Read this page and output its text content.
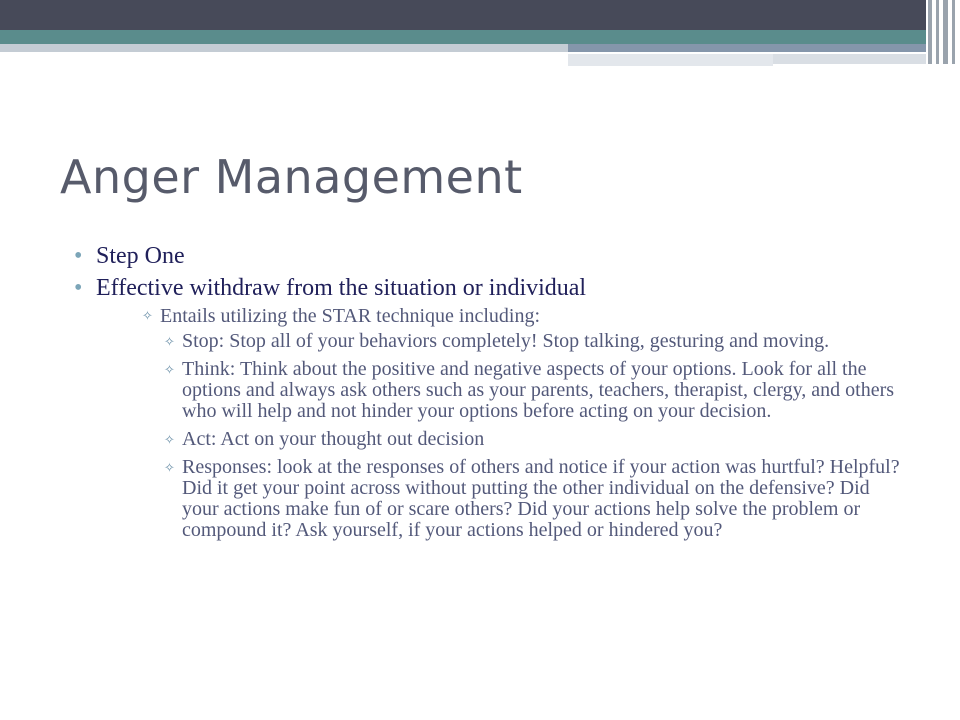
Anger Management
• Step One
• Effective withdraw from the situation or individual
✧ Entails utilizing the STAR technique including:
✧ Stop: Stop all of your behaviors completely! Stop talking, gesturing and moving.
✧ Think: Think about the positive and negative aspects of your options. Look for all the options and always ask others such as your parents, teachers, therapist, clergy, and others who will help and not hinder your options before acting on your decision.
✧ Act: Act on your thought out decision
✧ Responses: look at the responses of others and notice if your action was hurtful? Helpful? Did it get your point across without putting the other individual on the defensive? Did your actions make fun of or scare others? Did your actions help solve the problem or compound it? Ask yourself, if your actions helped or hindered you?
